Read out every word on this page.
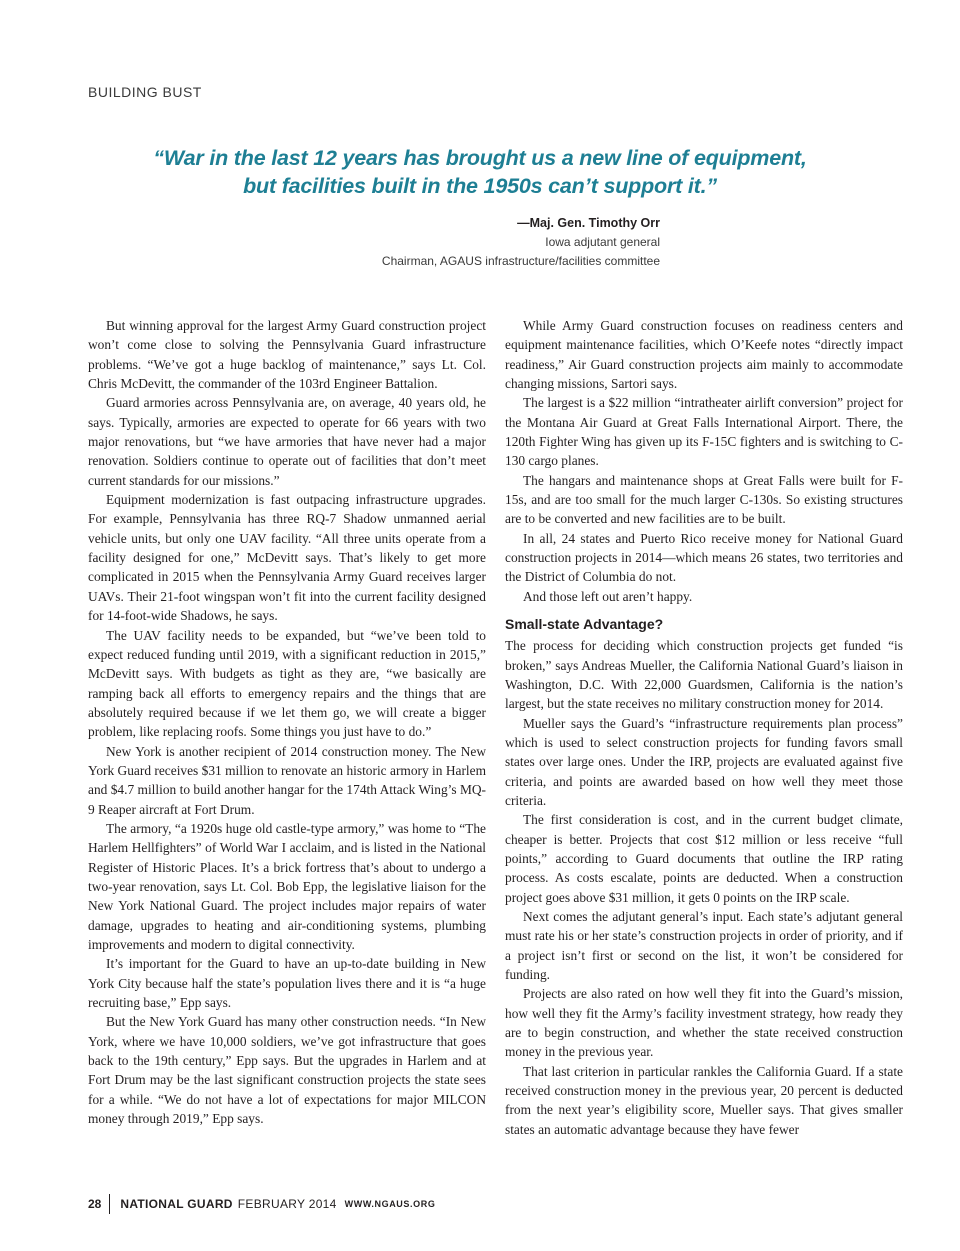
BUILDING BUST

“War in the last 12 years has brought us a new line of equipment,

but facilities built in the 1950s can’t support it.”

—Maj. Gen. Timothy Orr
Iowa adjutant general
Chairman, AGAUS infrastructure/facilities committee

But winning approval for the largest Army Guard construction project won’t come close to solving the Pennsylvania Guard infrastructure problems. “We’ve got a huge backlog of maintenance,” says Lt. Col. Chris McDevitt, the commander of the 103rd Engineer Battalion.

Guard armories across Pennsylvania are, on average, 40 years old, he says. Typically, armories are expected to operate for 66 years with two major renovations, but “we have armories that have never had a major renovation. Soldiers continue to operate out of facilities that don’t meet current standards for our missions.”

Equipment modernization is fast outpacing infrastructure upgrades. For example, Pennsylvania has three RQ-7 Shadow unmanned aerial vehicle units, but only one UAV facility. “All three units operate from a facility designed for one,” McDevitt says. That’s likely to get more complicated in 2015 when the Pennsylvania Army Guard receives larger UAVs. Their 21-foot wingspan won’t fit into the current facility designed for 14-foot-wide Shadows, he says.

The UAV facility needs to be expanded, but “we’ve been told to expect reduced funding until 2019, with a significant reduction in 2015,” McDevitt says. With budgets as tight as they are, “we basically are ramping back all efforts to emergency repairs and the things that are absolutely required because if we let them go, we will create a bigger problem, like replacing roofs. Some things you just have to do.”

New York is another recipient of 2014 construction money. The New York Guard receives $31 million to renovate an historic armory in Harlem and $4.7 million to build another hangar for the 174th Attack Wing’s MQ-9 Reaper aircraft at Fort Drum.

The armory, “a 1920s huge old castle-type armory,” was home to “The Harlem Hellfighters” of World War I acclaim, and is listed in the National Register of Historic Places. It’s a brick fortress that’s about to undergo a two-year renovation, says Lt. Col. Bob Epp, the legislative liaison for the New York National Guard. The project includes major repairs of water damage, upgrades to heating and air-conditioning systems, plumbing improvements and modern to digital connectivity.

It’s important for the Guard to have an up-to-date building in New York City because half the state’s population lives there and it is “a huge recruiting base,” Epp says.

But the New York Guard has many other construction needs. “In New York, where we have 10,000 soldiers, we’ve got infrastructure that goes back to the 19th century,” Epp says. But the upgrades in Harlem and at Fort Drum may be the last significant construction projects the state sees for a while. “We do not have a lot of expectations for major MILCON money through 2019,” Epp says.

While Army Guard construction focuses on readiness centers and equipment maintenance facilities, which O’Keefe notes “directly impact readiness,” Air Guard construction projects aim mainly to accommodate changing missions, Sartori says.

The largest is a $22 million “intratheater airlift conversion” project for the Montana Air Guard at Great Falls International Airport. There, the 120th Fighter Wing has given up its F-15C fighters and is switching to C-130 cargo planes.

The hangars and maintenance shops at Great Falls were built for F-15s, and are too small for the much larger C-130s. So existing structures are to be converted and new facilities are to be built.

In all, 24 states and Puerto Rico receive money for National Guard construction projects in 2014—which means 26 states, two territories and the District of Columbia do not.

And those left out aren’t happy.

Small-state Advantage?

The process for deciding which construction projects get funded “is broken,” says Andreas Mueller, the California National Guard’s liaison in Washington, D.C. With 22,000 Guardsmen, California is the nation’s largest, but the state receives no military construction money for 2014.

Mueller says the Guard’s “infrastructure requirements plan process” which is used to select construction projects for funding favors small states over large ones. Under the IRP, projects are evaluated against five criteria, and points are awarded based on how well they meet those criteria.

The first consideration is cost, and in the current budget climate, cheaper is better. Projects that cost $12 million or less receive “full points,” according to Guard documents that outline the IRP rating process. As costs escalate, points are deducted. When a construction project goes above $31 million, it gets 0 points on the IRP scale.

Next comes the adjutant general’s input. Each state’s adjutant general must rate his or her state’s construction projects in order of priority, and if a project isn’t first or second on the list, it won’t be considered for funding.

Projects are also rated on how well they fit into the Guard’s mission, how well they fit the Army’s facility investment strategy, how ready they are to begin construction, and whether the state received construction money in the previous year.

That last criterion in particular rankles the California Guard. If a state received construction money in the previous year, 20 percent is deducted from the next year’s eligibility score, Mueller says. That gives smaller states an automatic advantage because they have fewer

28 NATIONAL GUARD FEBRUARY 2014 WWW.NGAUS.ORG
